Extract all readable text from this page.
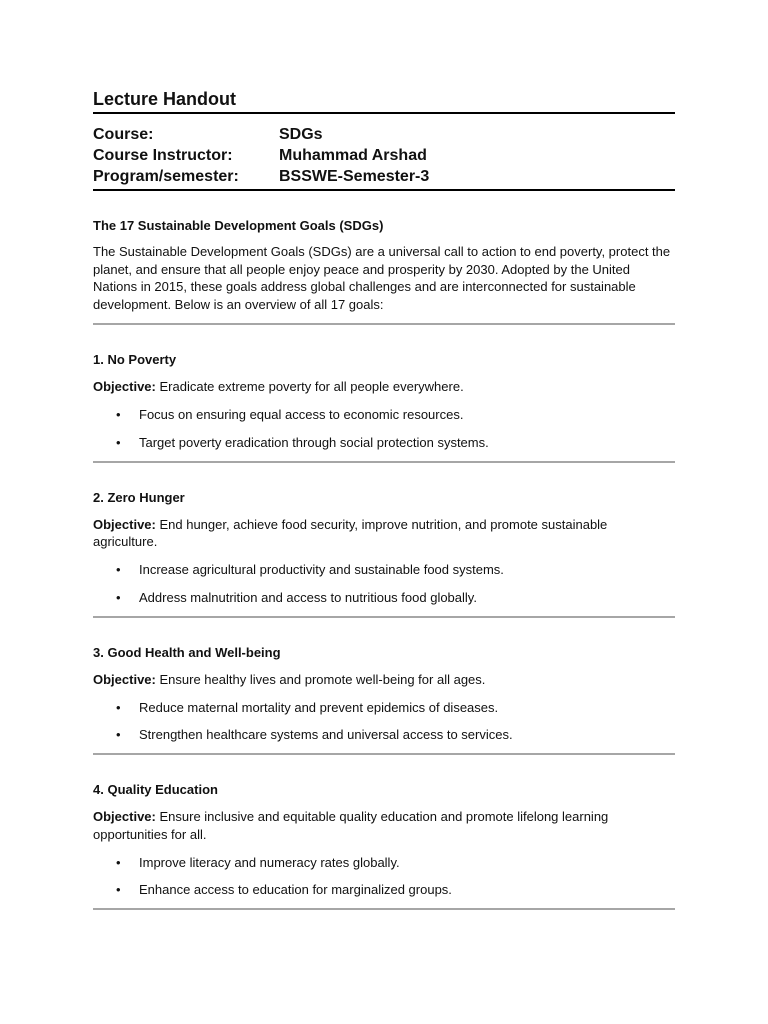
Lecture Handout
Course:	SDGs
Course Instructor:	Muhammad Arshad
Program/semester:	BSSWE-Semester-3
The 17 Sustainable Development Goals (SDGs)

The Sustainable Development Goals (SDGs) are a universal call to action to end poverty, protect the planet, and ensure that all people enjoy peace and prosperity by 2030. Adopted by the United Nations in 2015, these goals address global challenges and are interconnected for sustainable development. Below is an overview of all 17 goals:

1. No Poverty

Objective: Eradicate extreme poverty for all people everywhere.

• Focus on ensuring equal access to economic resources.
• Target poverty eradication through social protection systems.
2. Zero Hunger

Objective: End hunger, achieve food security, improve nutrition, and promote sustainable agriculture.

• Increase agricultural productivity and sustainable food systems.
• Address malnutrition and access to nutritious food globally.
3. Good Health and Well-being

Objective: Ensure healthy lives and promote well-being for all ages.

• Reduce maternal mortality and prevent epidemics of diseases.
• Strengthen healthcare systems and universal access to services.
4. Quality Education

Objective: Ensure inclusive and equitable quality education and promote lifelong learning opportunities for all.

• Improve literacy and numeracy rates globally.
• Enhance access to education for marginalized groups.
